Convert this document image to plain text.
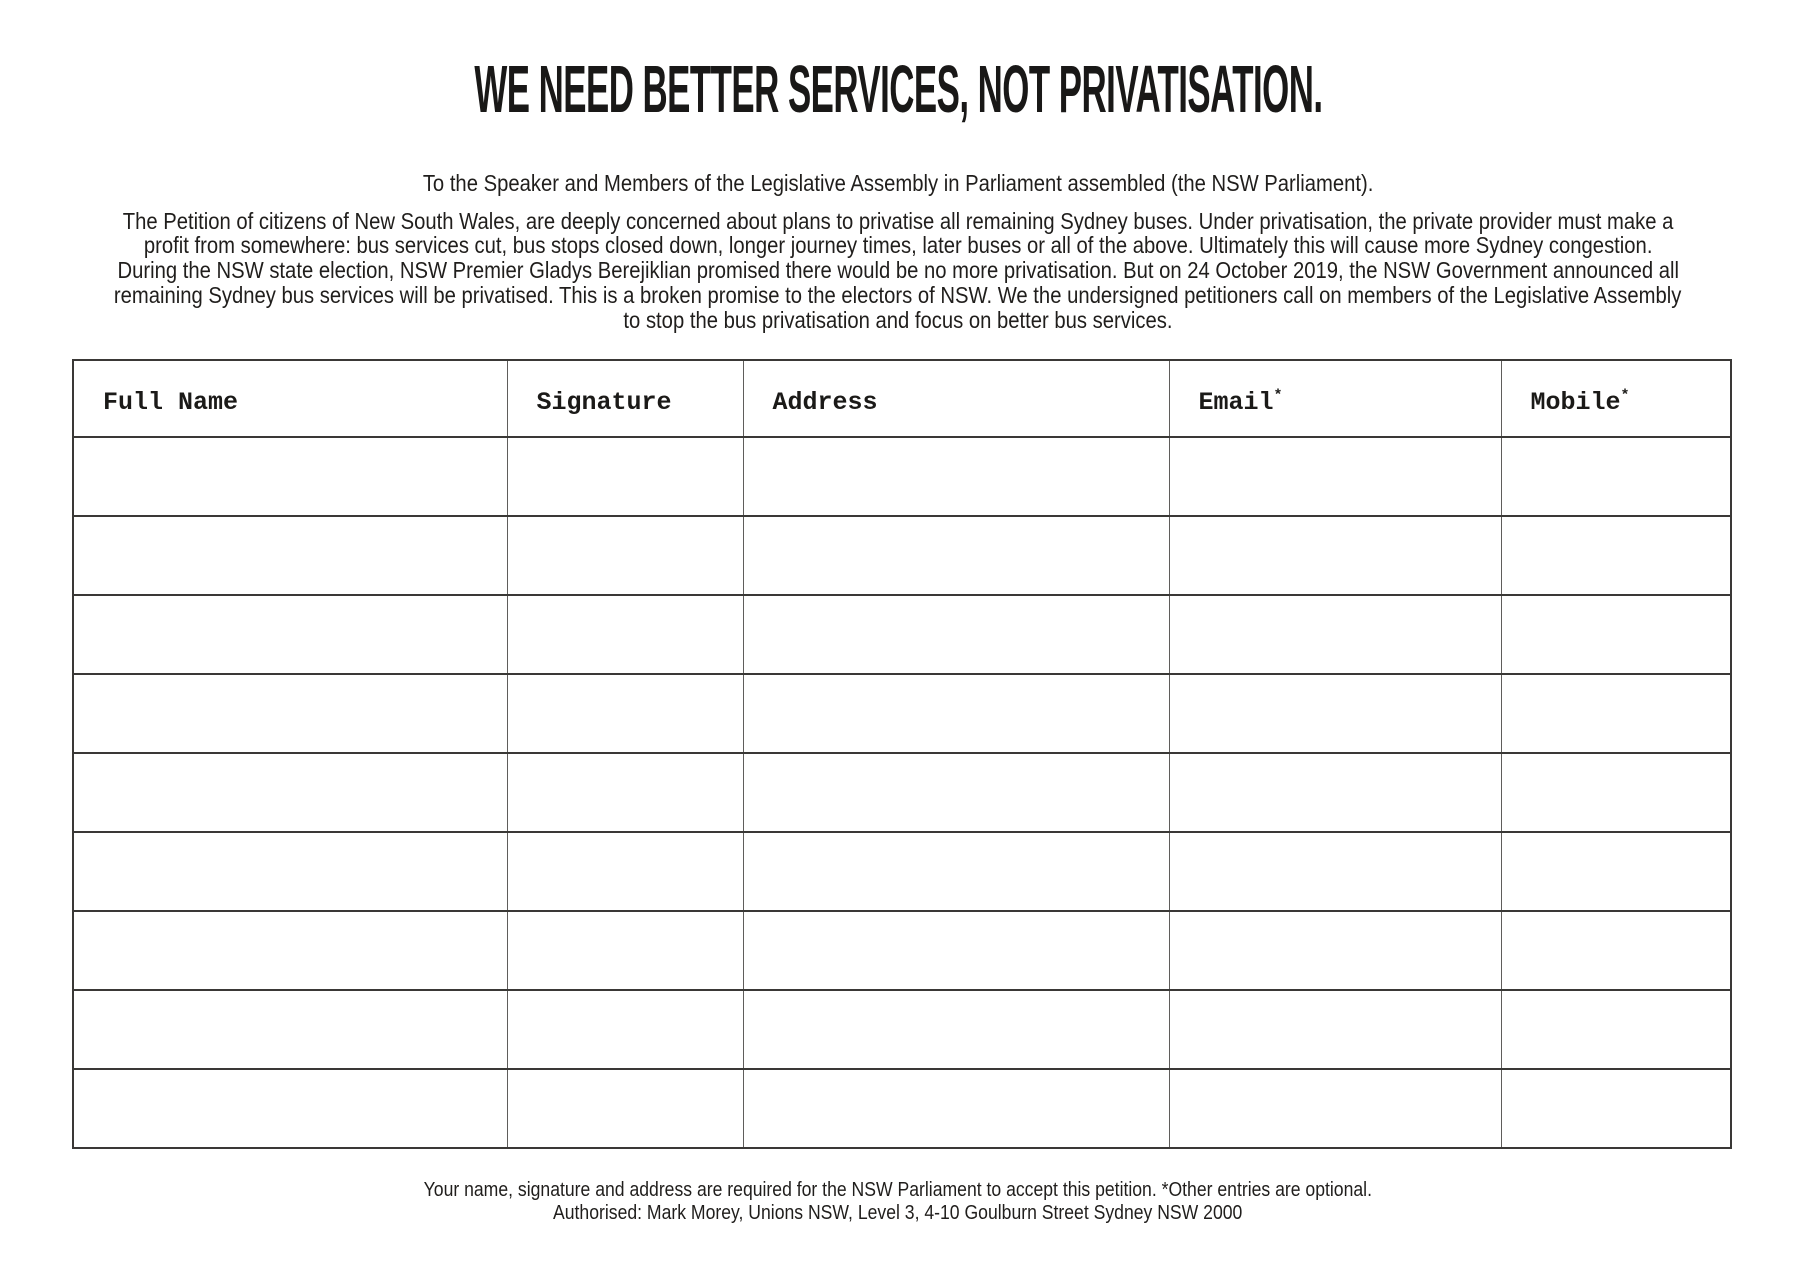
WE NEED BETTER SERVICES, NOT PRIVATISATION.

To the Speaker and Members of the Legislative Assembly in Parliament assembled (the NSW Parliament).

The Petition of citizens of New South Wales, are deeply concerned about plans to privatise all remaining Sydney buses. Under privatisation, the private provider must make a

profit from somewhere: bus services cut, bus stops closed down, longer journey times, later buses or all of the above. Ultimately this will cause more Sydney congestion.

During the NSW state election, NSW Premier Gladys Berejiklian promised there would be no more privatisation. But on 24 October 2019, the NSW Government announced all

remaining Sydney bus services will be privatised. This is a broken promise to the electors of NSW. We the undersigned petitioners call on members of the Legislative Assembly

to stop the bus privatisation and focus on better bus services.

Full Name	Signature	Address	Email*	Mobile*

Your name, signature and address are required for the NSW Parliament to accept this petition. *Other entries are optional.

Authorised: Mark Morey, Unions NSW, Level 3, 4-10 Goulburn Street Sydney NSW 2000
